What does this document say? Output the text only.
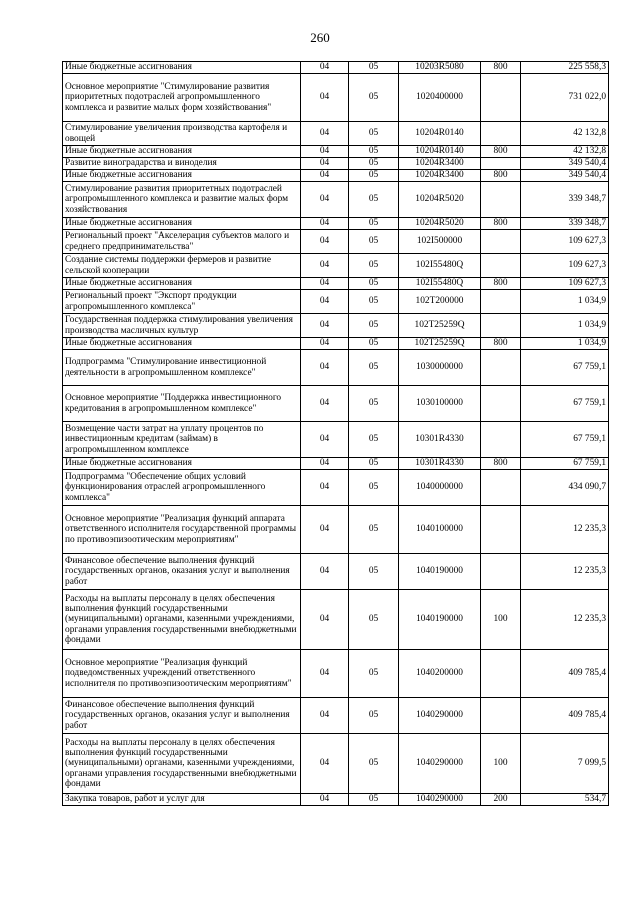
260
Иные бюджетные ассигнования	04	05	10203R5080	800	225 558,3
Основное мероприятие "Стимулирование развития приоритетных подотраслей агропромышленного комплекса и развитие малых форм хозяйствования"	04	05	1020400000		731 022,0
Стимулирование увеличения производства картофеля и овощей	04	05	10204R0140		42 132,8
Иные бюджетные ассигнования	04	05	10204R0140	800	42 132,8
Развитие виноградарства и виноделия	04	05	10204R3400		349 540,4
Иные бюджетные ассигнования	04	05	10204R3400	800	349 540,4
Стимулирование развития приоритетных подотраслей агропромышленного комплекса и развитие малых форм хозяйствования	04	05	10204R5020		339 348,7
Иные бюджетные ассигнования	04	05	10204R5020	800	339 348,7
Региональный проект "Акселерация субъектов малого и среднего предпринимательства"	04	05	102I500000		109 627,3
Создание системы поддержки фермеров и развитие сельской кооперации	04	05	102I55480Q		109 627,3
Иные бюджетные ассигнования	04	05	102I55480Q	800	109 627,3
Региональный проект "Экспорт продукции агропромышленного комплекса"	04	05	102T200000		1 034,9
Государственная поддержка стимулирования увеличения производства масличных культур	04	05	102T25259Q		1 034,9
Иные бюджетные ассигнования	04	05	102T25259Q	800	1 034,9
Подпрограмма "Стимулирование инвестиционной деятельности в агропромышленном комплексе"	04	05	1030000000		67 759,1
Основное мероприятие "Поддержка инвестиционного кредитования в агропромышленном комплексе"	04	05	1030100000		67 759,1
Возмещение части затрат на уплату процентов по инвестиционным кредитам (займам) в агропромышленном комплексе	04	05	10301R4330		67 759,1
Иные бюджетные ассигнования	04	05	10301R4330	800	67 759,1
Подпрограмма "Обеспечение общих условий функционирования отраслей агропромышленного комплекса"	04	05	1040000000		434 090,7
Основное мероприятие "Реализация функций аппарата ответственного исполнителя государственной программы по противоэпизоотическим мероприятиям"	04	05	1040100000		12 235,3
Финансовое обеспечение выполнения функций государственных органов, оказания услуг и выполнения работ	04	05	1040190000		12 235,3
Расходы на выплаты персоналу в целях обеспечения выполнения функций государственными (муниципальными) органами, казенными учреждениями, органами управления государственными внебюджетными фондами	04	05	1040190000	100	12 235,3
Основное мероприятие "Реализация функций подведомственных учреждений ответственного исполнителя по противоэпизоотическим мероприятиям"	04	05	1040200000		409 785,4
Финансовое обеспечение выполнения функций государственных органов, оказания услуг и выполнения работ	04	05	1040290000		409 785,4
Расходы на выплаты персоналу в целях обеспечения выполнения функций государственными (муниципальными) органами, казенными учреждениями, органами управления государственными внебюджетными фондами	04	05	1040290000	100	7 099,5
Закупка товаров, работ и услуг для	04	05	1040290000	200	534,7
